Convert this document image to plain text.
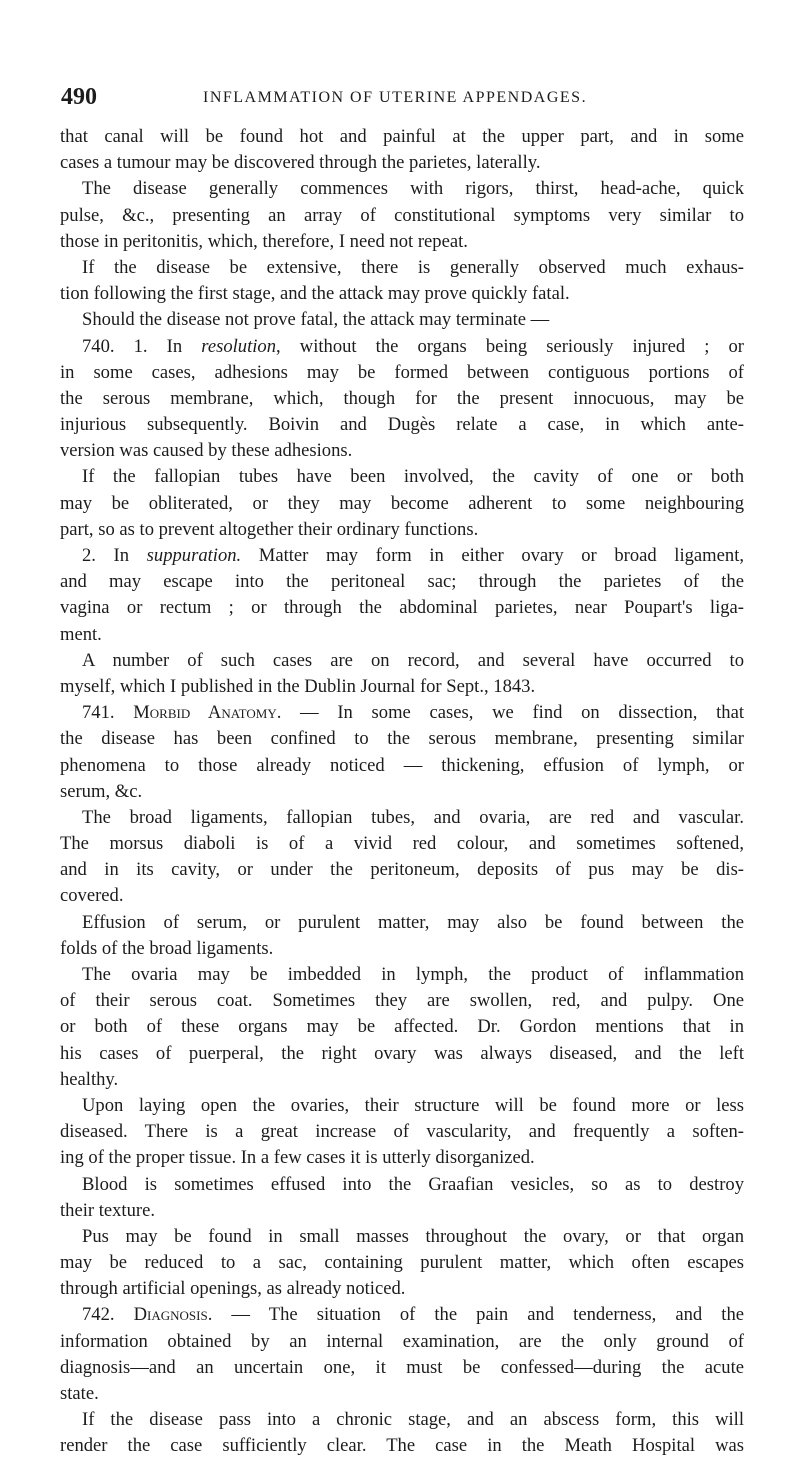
490	INFLAMMATION OF UTERINE APPENDAGES.
that canal will be found hot and painful at the upper part, and in some
cases a tumour may be discovered through the parietes, laterally.
The disease generally commences with rigors, thirst, head-ache, quick
pulse, &c., presenting an array of constitutional symptoms very similar to
those in peritonitis, which, therefore, I need not repeat.
If the disease be extensive, there is generally observed much exhaus-
tion following the first stage, and the attack may prove quickly fatal.
Should the disease not prove fatal, the attack may terminate —
740. 1. In resolution, without the organs being seriously injured ; or
in some cases, adhesions may be formed between contiguous portions of
the serous membrane, which, though for the present innocuous, may be
injurious subsequently. Boivin and Dugès relate a case, in which ante-
version was caused by these adhesions.
If the fallopian tubes have been involved, the cavity of one or both
may be obliterated, or they may become adherent to some neighbouring
part, so as to prevent altogether their ordinary functions.
2. In suppuration. Matter may form in either ovary or broad ligament,
and may escape into the peritoneal sac; through the parietes of the
vagina or rectum ; or through the abdominal parietes, near Poupart's liga-
ment.
A number of such cases are on record, and several have occurred to
myself, which I published in the Dublin Journal for Sept., 1843.
741. Morbid Anatomy. — In some cases, we find on dissection, that
the disease has been confined to the serous membrane, presenting similar
phenomena to those already noticed — thickening, effusion of lymph, or
serum, &c.
The broad ligaments, fallopian tubes, and ovaria, are red and vascular.
The morsus diaboli is of a vivid red colour, and sometimes softened,
and in its cavity, or under the peritoneum, deposits of pus may be dis-
covered.
Effusion of serum, or purulent matter, may also be found between the
folds of the broad ligaments.
The ovaria may be imbedded in lymph, the product of inflammation
of their serous coat. Sometimes they are swollen, red, and pulpy. One
or both of these organs may be affected. Dr. Gordon mentions that in
his cases of puerperal, the right ovary was always diseased, and the left
healthy.
Upon laying open the ovaries, their structure will be found more or less
diseased. There is a great increase of vascularity, and frequently a soften-
ing of the proper tissue. In a few cases it is utterly disorganized.
Blood is sometimes effused into the Graafian vesicles, so as to destroy
their texture.
Pus may be found in small masses throughout the ovary, or that organ
may be reduced to a sac, containing purulent matter, which often escapes
through artificial openings, as already noticed.
742. Diagnosis. — The situation of the pain and tenderness, and the
information obtained by an internal examination, are the only ground of
diagnosis—and an uncertain one, it must be confessed—during the acute
state.
If the disease pass into a chronic stage, and an abscess form, this will
render the case sufficiently clear. The case in the Meath Hospital was
